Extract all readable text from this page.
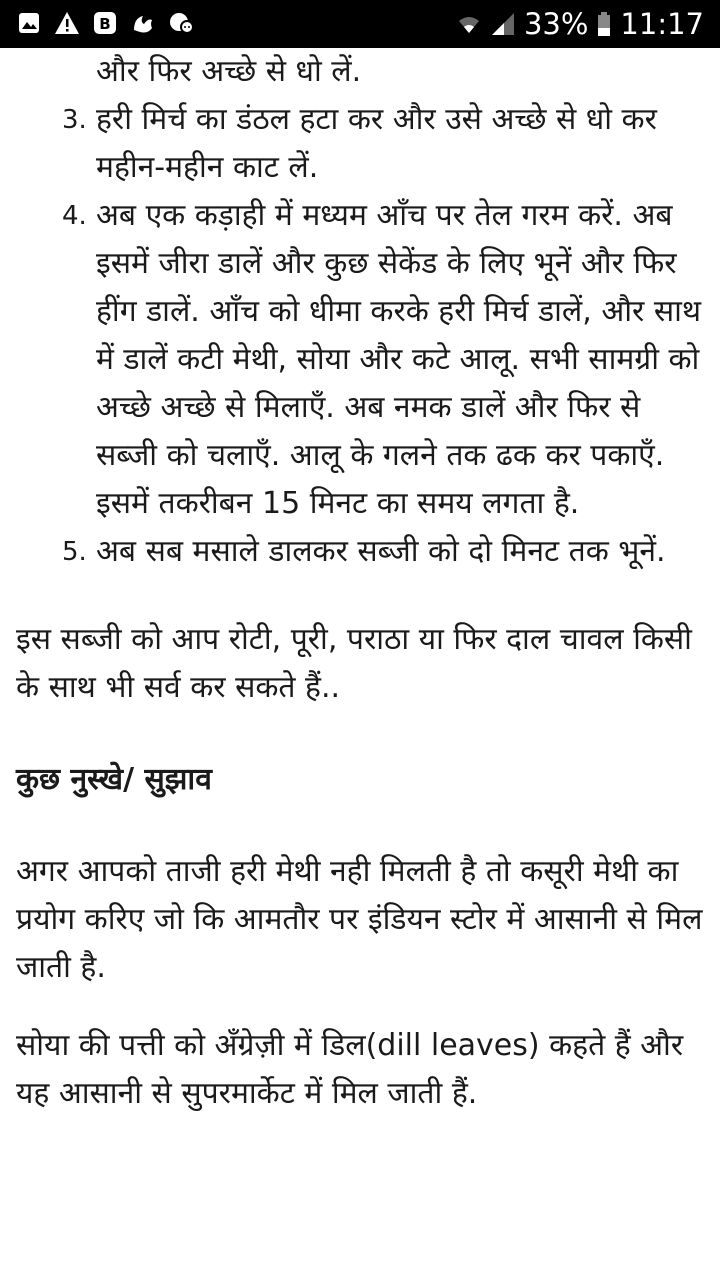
B	33% 11:17
और फिर अच्छे से धो लें.
3. हरी मिर्च का डंठल हटा कर और उसे अच्छे से धो कर महीन-महीन काट लें.
4. अब एक कड़ाही में मध्यम आँच पर तेल गरम करें. अब इसमें जीरा डालें और कुछ सेकेंड के लिए भूनें और फिर हींग डालें. आँच को धीमा करके हरी मिर्च डालें, और साथ में डालें कटी मेथी, सोया और कटे आलू. सभी सामग्री को अच्छे अच्छे से मिलाएँ. अब नमक डालें और फिर से सब्जी को चलाएँ. आलू के गलने तक ढक कर पकाएँ. इसमें तकरीबन 15 मिनट का समय लगता है.
5. अब सब मसाले डालकर सब्जी को दो मिनट तक भूनें.

इस सब्जी को आप रोटी, पूरी, पराठा या फिर दाल चावल किसी के साथ भी सर्व कर सकते हैं..

कुछ नुस्खे/ सुझाव

अगर आपको ताजी हरी मेथी नही मिलती है तो कसूरी मेथी का प्रयोग करिए जो कि आमतौर पर इंडियन स्टोर में आसानी से मिल जाती है.

सोया की पत्ती को अँग्रेज़ी में डिल(dill leaves) कहते हैं और यह आसानी से सुपरमार्केट में मिल जाती हैं.
